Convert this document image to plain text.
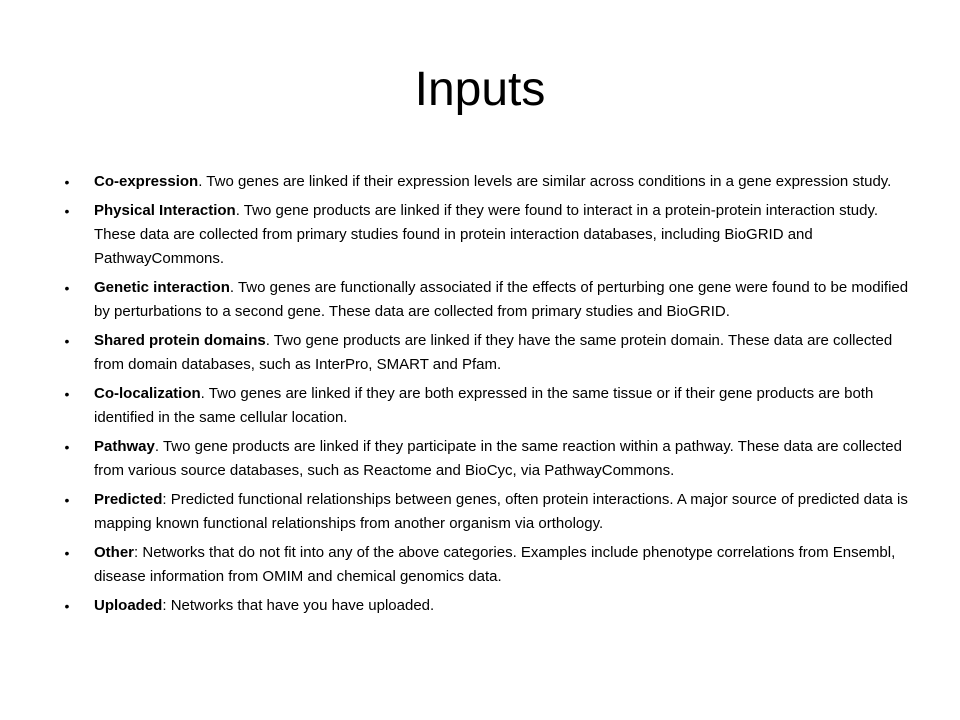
Inputs
•	Co-expression. Two genes are linked if their expression levels are similar across conditions in a gene expression study.
•	Physical Interaction. Two gene products are linked if they were found to interact in a protein-protein interaction study. These data are collected from primary studies found in protein interaction databases, including BioGRID and PathwayCommons.
•	Genetic interaction. Two genes are functionally associated if the effects of perturbing one gene were found to be modified by perturbations to a second gene. These data are collected from primary studies and BioGRID.
•	Shared protein domains. Two gene products are linked if they have the same protein domain. These data are collected from domain databases, such as InterPro, SMART and Pfam.
•	Co-localization. Two genes are linked if they are both expressed in the same tissue or if their gene products are both identified in the same cellular location.
•	Pathway. Two gene products are linked if they participate in the same reaction within a pathway. These data are collected from various source databases, such as Reactome and BioCyc, via PathwayCommons.
•	Predicted: Predicted functional relationships between genes, often protein interactions. A major source of predicted data is mapping known functional relationships from another organism via orthology.
•	Other: Networks that do not fit into any of the above categories. Examples include phenotype correlations from Ensembl, disease information from OMIM and chemical genomics data.
•	Uploaded: Networks that have you have uploaded.
